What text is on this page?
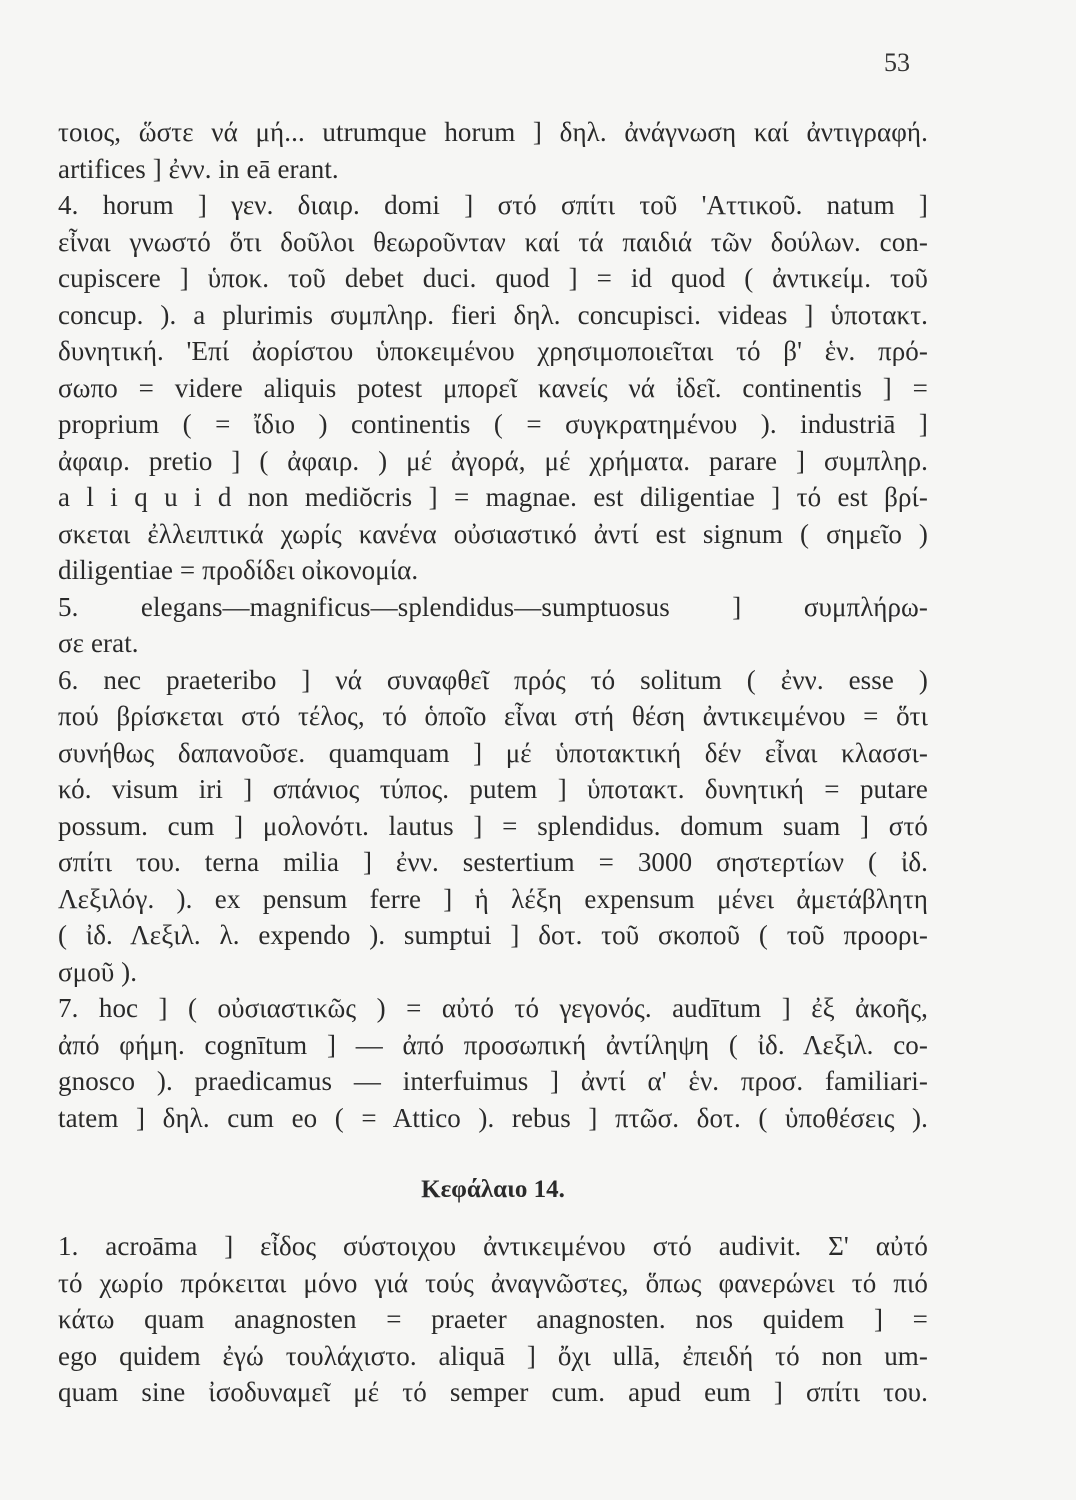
53
τοιος, ὥστε νά μή... utrumque horum ] δηλ. ἀνάγνωση καί ἀντιγραφή.
artifices ] ἐνν. in eā erant.
4. horum ] γεν. διαιρ. domi ] στό σπίτι τοῦ 'Αττικοῦ. natum ]
εἶναι γνωστό ὅτι δοῦλοι θεωροῦνταν καί τά παιδιά τῶν δούλων. con-
cupiscere ] ὑποκ. τοῦ debet duci. quod ] = id quod ( ἀντικείμ. τοῦ
concup. ). a plurimis συμπληρ. fieri δηλ. concupisci. videas ] ὑποτακτ.
δυνητική. 'Επί ἀορίστου ὑποκειμένου χρησιμοποιεῖται τό β' ἑν. πρό-
σωπο = videre aliquis potest μπορεῖ κανείς νά ἰδεῖ. continentis ] =
proprium ( = ἴδιο ) continentis ( = συγκρατημένου ). industriā ]
ἀφαιρ. pretio ] ( ἀφαιρ. ) μέ ἀγορά, μέ χρήματα. parare ] συμπληρ.
a l i q u i d non mediŏcris ] = magnae. est diligentiae ] τό est βρί-
σκεται ἐλλειπτικά χωρίς κανένα οὐσιαστικό ἀντί est signum ( σημεῖο )
diligentiae = προδίδει οἰκονομία.
5. elegans—magnificus—splendidus—sumptuosus ] συμπλήρω-
σε erat.
6. nec praeteribo ] νά συναφθεῖ πρός τό solitum ( ἐνν. esse )
πού βρίσκεται στό τέλος, τό ὁποῖο εἶναι στή θέση ἀντικειμένου = ὅτι
συνήθως δαπανοῦσε. quamquam ] μέ ὑποτακτική δέν εἶναι κλασσι-
κό. visum iri ] σπάνιος τύπος. putem ] ὑποτακτ. δυνητική = putare
possum. cum ] μολονότι. lautus ] = splendidus. domum suam ] στό
σπίτι του. terna milia ] ἐνν. sestertium = 3000 σηστερτίων ( ἰδ.
Λεξιλόγ. ). ex pensum ferre ] ἡ λέξη expensum μένει ἀμετάβλητη
( ἰδ. Λεξιλ. λ. expendo ). sumptui ] δοτ. τοῦ σκοποῦ ( τοῦ προορι-
σμοῦ ).
7. hoc ] ( οὐσιαστικῶς ) = αὐτό τό γεγονός. audītum ] ἐξ ἀκοῆς,
ἀπό φήμη. cognītum ] — ἀπό προσωπική ἀντίληψη ( ἰδ. Λεξιλ. co-
gnosco ). praedicamus — interfuimus ] ἀντί α' ἑν. προσ. familiari-
tatem ] δηλ. cum eo ( = Attico ). rebus ] πτῶσ. δοτ. ( ὑποθέσεις ).
Κεφάλαιο 14.
1. acroāma ] εἶδος σύστοιχου ἀντικειμένου στό audivit. Σ' αὐτό
τό χωρίο πρόκειται μόνο γιά τούς ἀναγνῶστες, ὅπως φανερώνει τό πιό
κάτω quam anagnosten = praeter anagnosten. nos quidem ] =
ego quidem ἐγώ τουλάχιστο. aliquā ] ὄχι ullā, ἐπειδή τό non um-
quam sine ἰσοδυναμεῖ μέ τό semper cum. apud eum ] σπίτι του.
